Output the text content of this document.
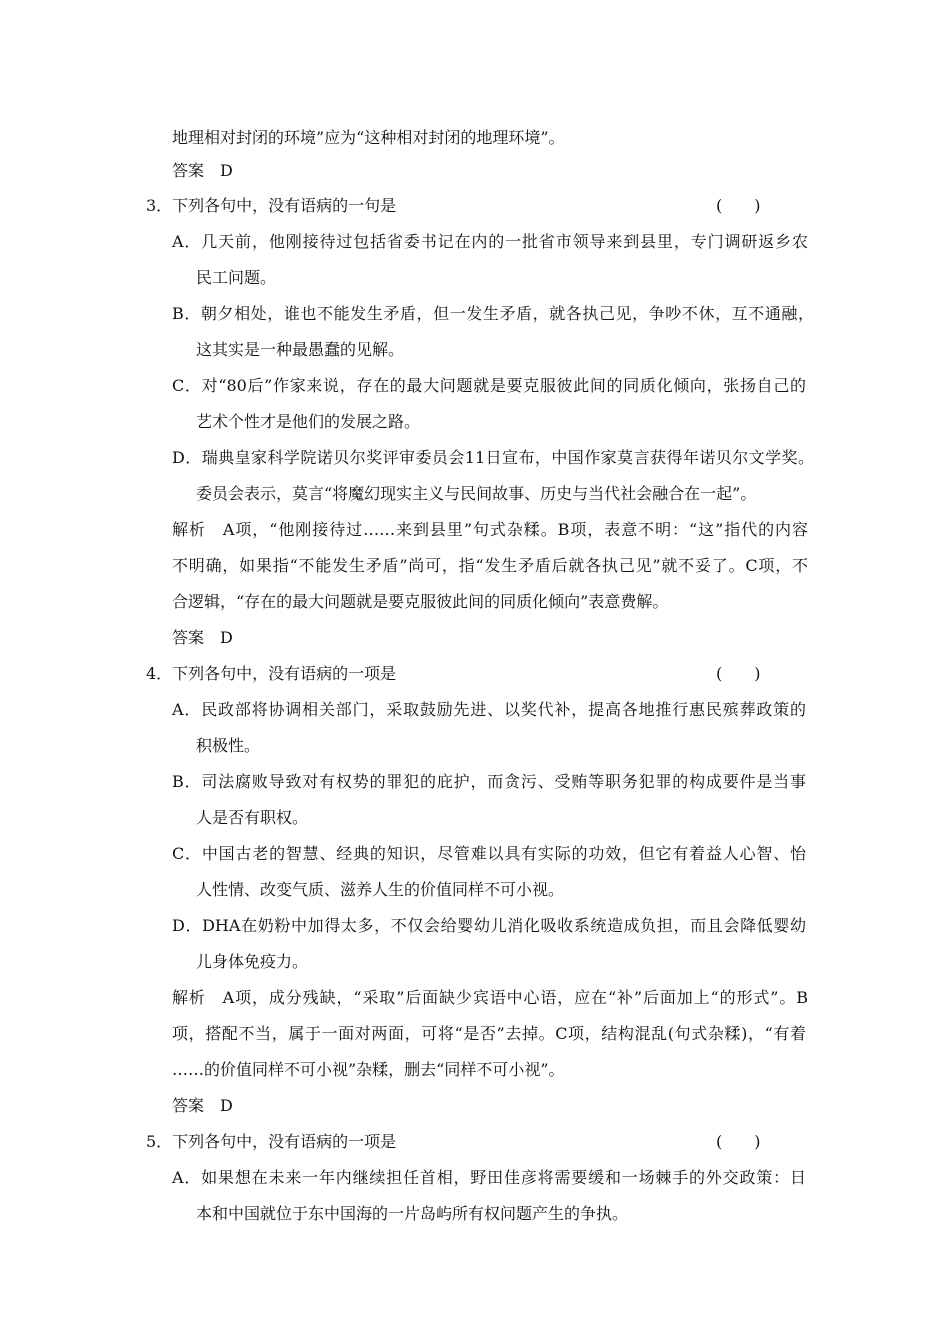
地理相对封闭的环境”应为“这种相对封闭的地理环境”。
答案　D
3．下列各句中，没有语病的一句是	(　　)
A．几天前，他刚接待过包括省委书记在内的一批省市领导来到县里，专门调研返乡农
民工问题。
B．朝夕相处，谁也不能发生矛盾，但一发生矛盾，就各执己见，争吵不休，互不通融，
这其实是一种最愚蠢的见解。
C．对“80后”作家来说，存在的最大问题就是要克服彼此间的同质化倾向，张扬自己的
艺术个性才是他们的发展之路。
D．瑞典皇家科学院诺贝尔奖评审委员会11日宣布，中国作家莫言获得年诺贝尔文学奖。
委员会表示，莫言“将魔幻现实主义与民间故事、历史与当代社会融合在一起”。
解析　A项，“他刚接待过……来到县里”句式杂糅。B项，表意不明：“这”指代的内容
不明确，如果指“不能发生矛盾”尚可，指“发生矛盾后就各执己见”就不妥了。C项，不
合逻辑，“存在的最大问题就是要克服彼此间的同质化倾向”表意费解。
答案　D
4．下列各句中，没有语病的一项是	(　　)
A．民政部将协调相关部门，采取鼓励先进、以奖代补，提高各地推行惠民殡葬政策的
积极性。
B．司法腐败导致对有权势的罪犯的庇护，而贪污、受贿等职务犯罪的构成要件是当事
人是否有职权。
C．中国古老的智慧、经典的知识，尽管难以具有实际的功效，但它有着益人心智、怡
人性情、改变气质、滋养人生的价值同样不可小视。
D．DHA在奶粉中加得太多，不仅会给婴幼儿消化吸收系统造成负担，而且会降低婴幼
儿身体免疫力。
解析　A项，成分残缺，“采取”后面缺少宾语中心语，应在“补”后面加上“的形式”。B
项，搭配不当，属于一面对两面，可将“是否”去掉。C项，结构混乱(句式杂糅)，“有着
……的价值同样不可小视”杂糅，删去“同样不可小视”。
答案　D
5．下列各句中，没有语病的一项是	(　　)
A．如果想在未来一年内继续担任首相，野田佳彦将需要缓和一场棘手的外交政策：日
本和中国就位于东中国海的一片岛屿所有权问题产生的争执。
